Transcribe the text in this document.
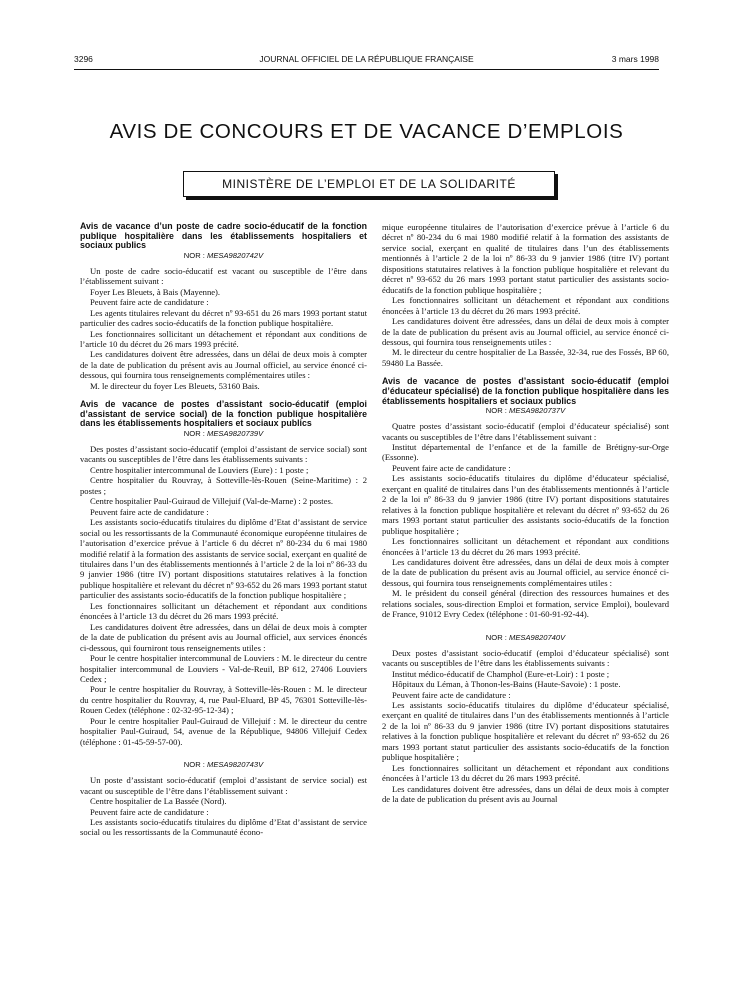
3296	JOURNAL OFFICIEL DE LA RÉPUBLIQUE FRANÇAISE	3 mars 1998
AVIS DE CONCOURS ET DE VACANCE D’EMPLOIS
MINISTÈRE DE L’EMPLOI ET DE LA SOLIDARITÉ
Avis de vacance d’un poste de cadre socio-éducatif de la fonction publique hospitalière dans les établissements hospitaliers et sociaux publics
NOR : MESA9820742V

Un poste de cadre socio-éducatif est vacant ou susceptible de l’être dans l’établissement suivant :

Foyer Les Bleuets, à Bais (Mayenne).

Peuvent faire acte de candidature :

Les agents titulaires relevant du décret nº 93-651 du 26 mars 1993 portant statut particulier des cadres socio-éducatifs de la fonction publique hospitalière.

Les fonctionnaires sollicitant un détachement et répondant aux conditions de l’article 10 du décret du 26 mars 1993 précité.

Les candidatures doivent être adressées, dans un délai de deux mois à compter de la date de publication du présent avis au Journal officiel, au service énoncé ci-dessous, qui fournira tous renseignements complémentaires utiles :

M. le directeur du foyer Les Bleuets, 53160 Bais.

Avis de vacance de postes d’assistant socio-éducatif (emploi d’assistant de service social) de la fonction publique hospitalière dans les établissements hospitaliers et sociaux publics
NOR : MESA9820739V

Des postes d’assistant socio-éducatif (emploi d’assistant de service social) sont vacants ou susceptibles de l’être dans les établissements suivants :

Centre hospitalier intercommunal de Louviers (Eure) : 1 poste ;

Centre hospitalier du Rouvray, à Sotteville-lès-Rouen (Seine-Maritime) : 2 postes ;

Centre hospitalier Paul-Guiraud de Villejuif (Val-de-Marne) : 2 postes.

Peuvent faire acte de candidature :

Les assistants socio-éducatifs titulaires du diplôme d’Etat d’assistant de service social ou les ressortissants de la Communauté économique européenne titulaires de l’autorisation d’exercice prévue à l’article 6 du décret nº 80-234 du 6 mai 1980 modifié relatif à la formation des assistants de service social, exerçant en qualité de titulaires dans l’un des établissements mentionnés à l’article 2 de la loi nº 86-33 du 9 janvier 1986 (titre IV) portant dispositions statutaires relatives à la fonction publique hospitalière et relevant du décret nº 93-652 du 26 mars 1993 portant statut particulier des assistants socio-éducatifs de la fonction publique hospitalière ;

Les fonctionnaires sollicitant un détachement et répondant aux conditions énoncées à l’article 13 du décret du 26 mars 1993 précité.

Les candidatures doivent être adressées, dans un délai de deux mois à compter de la date de publication du présent avis au Journal officiel, aux services énoncés ci-dessous, qui fourniront tous renseignements utiles :

Pour le centre hospitalier intercommunal de Louviers : M. le directeur du centre hospitalier intercommunal de Louviers - Val-de-Reuil, BP 612, 27406 Louviers Cedex ;

Pour le centre hospitalier du Rouvray, à Sotteville-lès-Rouen : M. le directeur du centre hospitalier du Rouvray, 4, rue Paul-Eluard, BP 45, 76301 Sotteville-lès-Rouen Cedex (téléphone : 02-32-95-12-34) ;

Pour le centre hospitalier Paul-Guiraud de Villejuif : M. le directeur du centre hospitalier Paul-Guiraud, 54, avenue de la République, 94806 Villejuif Cedex (téléphone : 01-45-59-57-00).

NOR : MESA9820743V

Un poste d’assistant socio-éducatif (emploi d’assistant de service social) est vacant ou susceptible de l’être dans l’établissement suivant :

Centre hospitalier de La Bassée (Nord).

Peuvent faire acte de candidature :

Les assistants socio-éducatifs titulaires du diplôme d’Etat d’assistant de service social ou les ressortissants de la Communauté écono-

mique européenne titulaires de l’autorisation d’exercice prévue à l’article 6 du décret nº 80-234 du 6 mai 1980 modifié relatif à la formation des assistants de service social, exerçant en qualité de titulaires dans l’un des établissements mentionnés à l’article 2 de la loi nº 86-33 du 9 janvier 1986 (titre IV) portant dispositions statutaires relatives à la fonction publique hospitalière et relevant du décret nº 93-652 du 26 mars 1993 portant statut particulier des assistants socio-éducatifs de la fonction publique hospitalière ;

Les fonctionnaires sollicitant un détachement et répondant aux conditions énoncées à l’article 13 du décret du 26 mars 1993 précité.

Les candidatures doivent être adressées, dans un délai de deux mois à compter de la date de publication du présent avis au Journal officiel, au service énoncé ci-dessous, qui fournira tous renseignements utiles :

M. le directeur du centre hospitalier de La Bassée, 32-34, rue des Fossés, BP 60, 59480 La Bassée.

Avis de vacance de postes d’assistant socio-éducatif (emploi d’éducateur spécialisé) de la fonction publique hospitalière dans les établissements hospitaliers et sociaux publics
NOR : MESA9820737V

Quatre postes d’assistant socio-éducatif (emploi d’éducateur spécialisé) sont vacants ou susceptibles de l’être dans l’établissement suivant :

Institut départemental de l’enfance et de la famille de Brétigny-sur-Orge (Essonne).

Peuvent faire acte de candidature :

Les assistants socio-éducatifs titulaires du diplôme d’éducateur spécialisé, exerçant en qualité de titulaires dans l’un des établissements mentionnés à l’article 2 de la loi nº 86-33 du 9 janvier 1986 (titre IV) portant dispositions statutaires relatives à la fonction publique hospitalière et relevant du décret nº 93-652 du 26 mars 1993 portant statut particulier des assistants socio-éducatifs de la fonction publique hospitalière ;

Les fonctionnaires sollicitant un détachement et répondant aux conditions énoncées à l’article 13 du décret du 26 mars 1993 précité.

Les candidatures doivent être adressées, dans un délai de deux mois à compter de la date de publication du présent avis au Journal officiel, au service énoncé ci-dessous, qui fournira tous renseignements complémentaires utiles :

M. le président du conseil général (direction des ressources humaines et des relations sociales, sous-direction Emploi et formation, service Emploi), boulevard de France, 91012 Evry Cedex (téléphone : 01-60-91-92-44).

NOR : MESA9820740V

Deux postes d’assistant socio-éducatif (emploi d’éducateur spécialisé) sont vacants ou susceptibles de l’être dans les établissements suivants :

Institut médico-éducatif de Champhol (Eure-et-Loir) : 1 poste ;

Hôpitaux du Léman, à Thonon-les-Bains (Haute-Savoie) : 1 poste.

Peuvent faire acte de candidature :

Les assistants socio-éducatifs titulaires du diplôme d’éducateur spécialisé, exerçant en qualité de titulaires dans l’un des établissements mentionnés à l’article 2 de la loi nº 86-33 du 9 janvier 1986 (titre IV) portant dispositions statutaires relatives à la fonction publique hospitalière et relevant du décret nº 93-652 du 26 mars 1993 portant statut particulier des assistants socio-éducatifs de la fonction publique hospitalière ;

Les fonctionnaires sollicitant un détachement et répondant aux conditions énoncées à l’article 13 du décret du 26 mars 1993 précité.

Les candidatures doivent être adressées, dans un délai de deux mois à compter de la date de publication du présent avis au Journal
